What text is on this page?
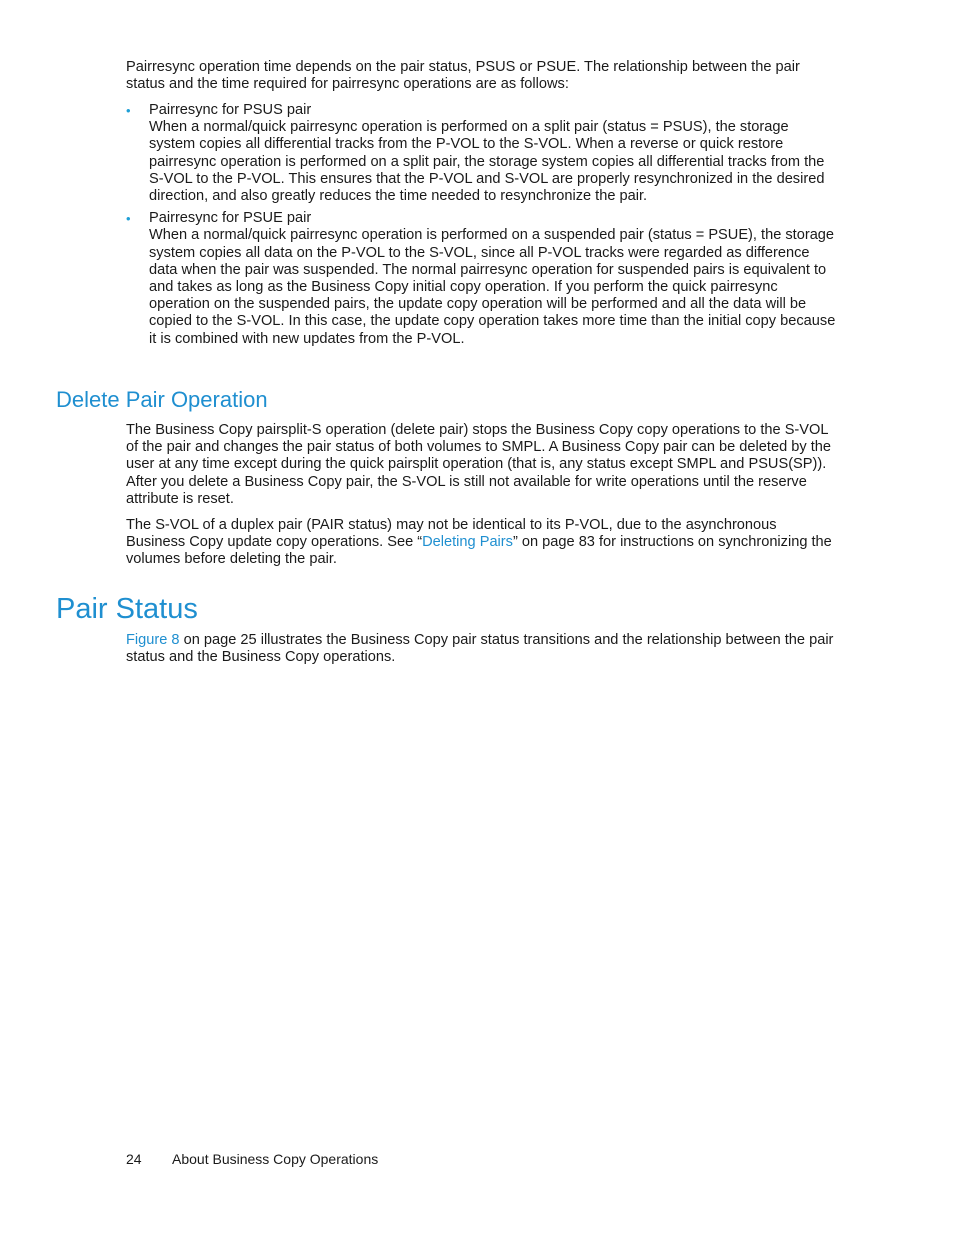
Pairresync operation time depends on the pair status, PSUS or PSUE. The relationship between the pair status and the time required for pairresync operations are as follows:

• Pairresync for PSUS pair
When a normal/quick pairresync operation is performed on a split pair (status = PSUS), the storage system copies all differential tracks from the P-VOL to the S-VOL. When a reverse or quick restore pairresync operation is performed on a split pair, the storage system copies all differential tracks from the S-VOL to the P-VOL. This ensures that the P-VOL and S-VOL are properly resynchronized in the desired direction, and also greatly reduces the time needed to resynchronize the pair.
• Pairresync for PSUE pair
When a normal/quick pairresync operation is performed on a suspended pair (status = PSUE), the storage system copies all data on the P-VOL to the S-VOL, since all P-VOL tracks were regarded as difference data when the pair was suspended. The normal pairresync operation for suspended pairs is equivalent to and takes as long as the Business Copy initial copy operation. If you perform the quick pairresync operation on the suspended pairs, the update copy operation will be performed and all the data will be copied to the S-VOL. In this case, the update copy operation takes more time than the initial copy because it is combined with new updates from the P-VOL.
Delete Pair Operation

The Business Copy pairsplit-S operation (delete pair) stops the Business Copy copy operations to the S-VOL of the pair and changes the pair status of both volumes to SMPL. A Business Copy pair can be deleted by the user at any time except during the quick pairsplit operation (that is, any status except SMPL and PSUS(SP)). After you delete a Business Copy pair, the S-VOL is still not available for write operations until the reserve attribute is reset.

The S-VOL of a duplex pair (PAIR status) may not be identical to its P-VOL, due to the asynchronous Business Copy update copy operations. See “Deleting Pairs” on page 83 for instructions on synchronizing the volumes before deleting the pair.

Pair Status

Figure 8 on page 25 illustrates the Business Copy pair status transitions and the relationship between the pair status and the Business Copy operations.

24 About Business Copy Operations
